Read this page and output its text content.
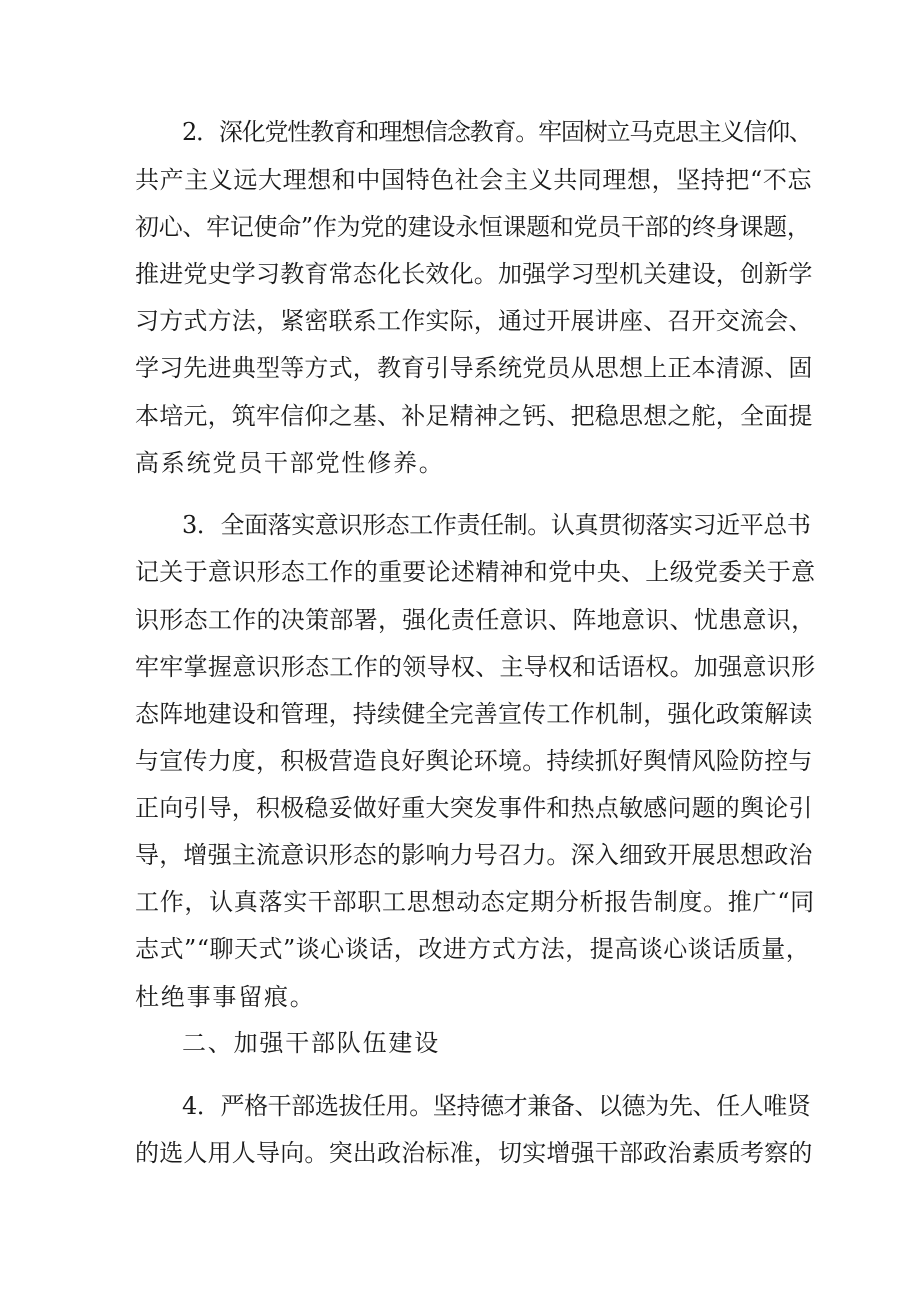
2．深化党性教育和理想信念教育。牢固树立马克思主义信仰、
共产主义远大理想和中国特色社会主义共同理想，坚持把“不忘
初心、牢记使命”作为党的建设永恒课题和党员干部的终身课题，
推进党史学习教育常态化长效化。加强学习型机关建设，创新学
习方式方法，紧密联系工作实际，通过开展讲座、召开交流会、
学习先进典型等方式，教育引导系统党员从思想上正本清源、固
本培元，筑牢信仰之基、补足精神之钙、把稳思想之舵，全面提
高系统党员干部党性修养。
3．全面落实意识形态工作责任制。认真贯彻落实习近平总书
记关于意识形态工作的重要论述精神和党中央、上级党委关于意
识形态工作的决策部署，强化责任意识、阵地意识、忧患意识，
牢牢掌握意识形态工作的领导权、主导权和话语权。加强意识形
态阵地建设和管理，持续健全完善宣传工作机制，强化政策解读
与宣传力度，积极营造良好舆论环境。持续抓好舆情风险防控与
正向引导，积极稳妥做好重大突发事件和热点敏感问题的舆论引
导，增强主流意识形态的影响力号召力。深入细致开展思想政治
工作，认真落实干部职工思想动态定期分析报告制度。推广“同
志式”“聊天式”谈心谈话，改进方式方法，提高谈心谈话质量，
杜绝事事留痕。
二、加强干部队伍建设
4．严格干部选拔任用。坚持德才兼备、以德为先、任人唯贤
的选人用人导向。突出政治标准，切实增强干部政治素质考察的
